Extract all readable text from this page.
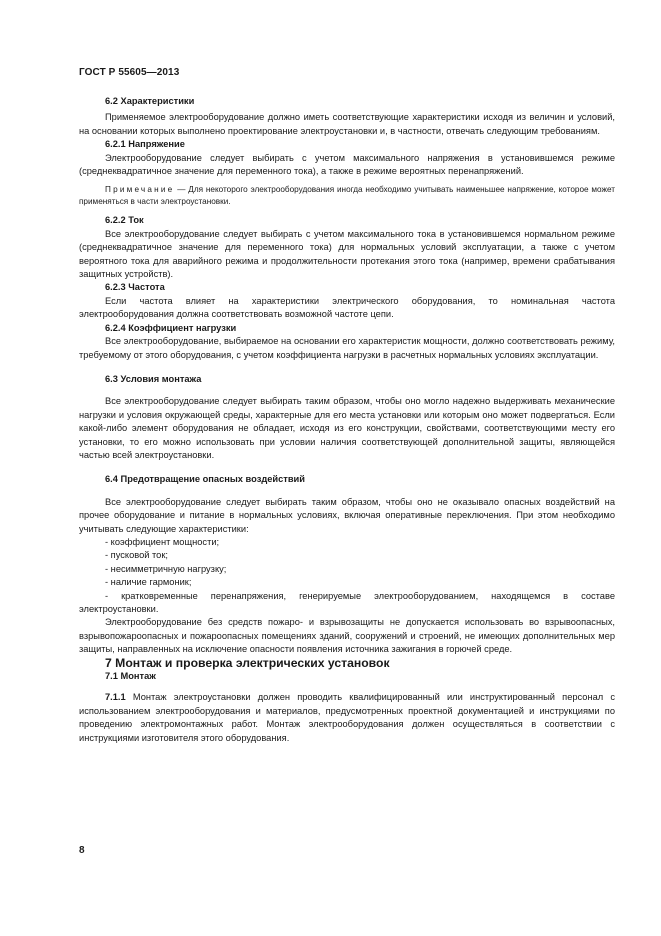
ГОСТ Р 55605—2013

6.2 Характеристики

Применяемое электрооборудование должно иметь соответствующие характеристики исходя из величин и условий, на основании которых выполнено проектирование электроустановки и, в частности, отвечать следующим требованиям.

6.2.1 Напряжение

Электрооборудование следует выбирать с учетом максимального напряжения в установившемся режиме (среднеквадратичное значение для переменного тока), а также в режиме вероятных перенапряжений.

Примечание — Для некоторого электрооборудования иногда необходимо учитывать наименьшее напряжение, которое может применяться в части электроустановки.

6.2.2 Ток

Все электрооборудование следует выбирать с учетом максимального тока в установившемся нормальном режиме (среднеквадратичное значение для переменного тока) для нормальных условий эксплуатации, а также с учетом вероятного тока для аварийного режима и продолжительности протекания этого тока (например, времени срабатывания защитных устройств).

6.2.3 Частота

Если частота влияет на характеристики электрического оборудования, то номинальная частота электрооборудования должна соответствовать возможной частоте цепи.

6.2.4 Коэффициент нагрузки

Все электрооборудование, выбираемое на основании его характеристик мощности, должно соответствовать режиму, требуемому от этого оборудования, с учетом коэффициента нагрузки в расчетных нормальных условиях эксплуатации.

6.3 Условия монтажа

Все электрооборудование следует выбирать таким образом, чтобы оно могло надежно выдерживать механические нагрузки и условия окружающей среды, характерные для его места установки или которым оно может подвергаться. Если какой-либо элемент оборудования не обладает, исходя из его конструкции, свойствами, соответствующими месту его установки, то его можно использовать при условии наличия соответствующей дополнительной защиты, являющейся частью всей электроустановки.

6.4 Предотвращение опасных воздействий

Все электрооборудование следует выбирать таким образом, чтобы оно не оказывало опасных воздействий на прочее оборудование и питание в нормальных условиях, включая оперативные переключения. При этом необходимо учитывать следующие характеристики:

- коэффициент мощности;

- пусковой ток;

- несимметричную нагрузку;

- наличие гармоник;

- кратковременные перенапряжения, генерируемые электрооборудованием, находящемся в составе электроустановки.

Электрооборудование без средств пожаро- и взрывозащиты не допускается использовать во взрывоопасных, взрывопожароопасных и пожароопасных помещениях зданий, сооружений и строений, не имеющих дополнительных мер защиты, направленных на исключение опасности появления источника зажигания в горючей среде.

7 Монтаж и проверка электрических установок

7.1 Монтаж

7.1.1 Монтаж электроустановки должен проводить квалифицированный или инструктированный персонал с использованием электрооборудования и материалов, предусмотренных проектной документацией и инструкциями по проведению электромонтажных работ. Монтаж электрооборудования должен осуществляться в соответствии с инструкциями изготовителя этого оборудования.

8
